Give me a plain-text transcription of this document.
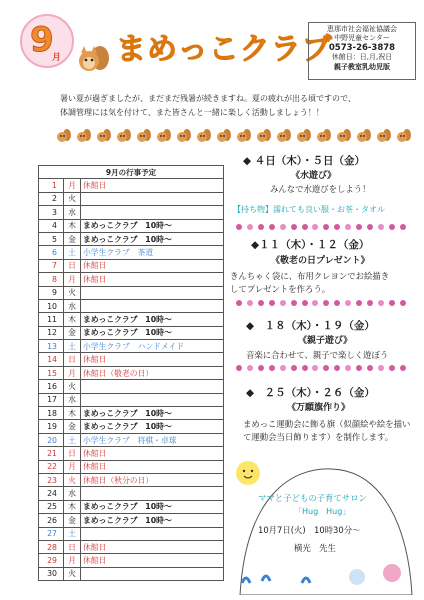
9
月 まめっこクラブ
恵那市社会福祉協議会
中野児童センター
0573-26-3878
休館日：日,月,祝日
親子教室乳幼児版

暑い夏が過ぎましたが、まだまだ残暑が続きますね。夏の疲れが出る頃ですので、

体調管理には気を付けて、また皆さんと一緒に楽しく活動しましょう！！

9月の行事予定		
1	月	休館日
2	火	
3	水	
4	木	まめっこクラブ　10時～
5	金	まめっこクラブ　10時～
6	土	小学生クラブ　茶道
7	日	休館日
8	月	休館日
9	火	
10	水	
11	木	まめっこクラブ　10時～
12	金	まめっこクラブ　10時～
13	土	小学生クラブ　ハンドメイド
14	日	休館日
15	月	休館日（敬老の日）
16	火	
17	水	
18	木	まめっこクラブ　10時～
19	金	まめっこクラブ　10時～
20	土	小学生クラブ　将棋・卓球
21	日	休館日
22	月	休館日
23	火	休館日（秋分の日）
24	水	
25	木	まめっこクラブ　10時～
26	金	まめっこクラブ　10時～
27	土	
28	日	休館日
29	月	休館日
30	火	
◆ ４日（木）・５日（金）
《水遊び》
みんなで水遊びをしよう！
【持ち物】濡れても良い服・お茶・タオル
◆１１（木）・１２（金）
《敬老の日プレゼント》
きんちゃく袋に、布用クレヨンでお絵描き
してプレゼントを作ろう。
◆　１８（木）・１９（金）
《親子遊び》
音楽に合わせて、親子で楽しく遊ぼう
◆　２５（木）・２６（金）
《万願旗作り》
まめっこ運動会に飾る旗（似顔絵や絵を描い
て運動会当日飾ります）を制作します。
ママと子どもの子育てサロン
「Hug　Hug」
10月7日(火)　10時30分～
横光　先生
